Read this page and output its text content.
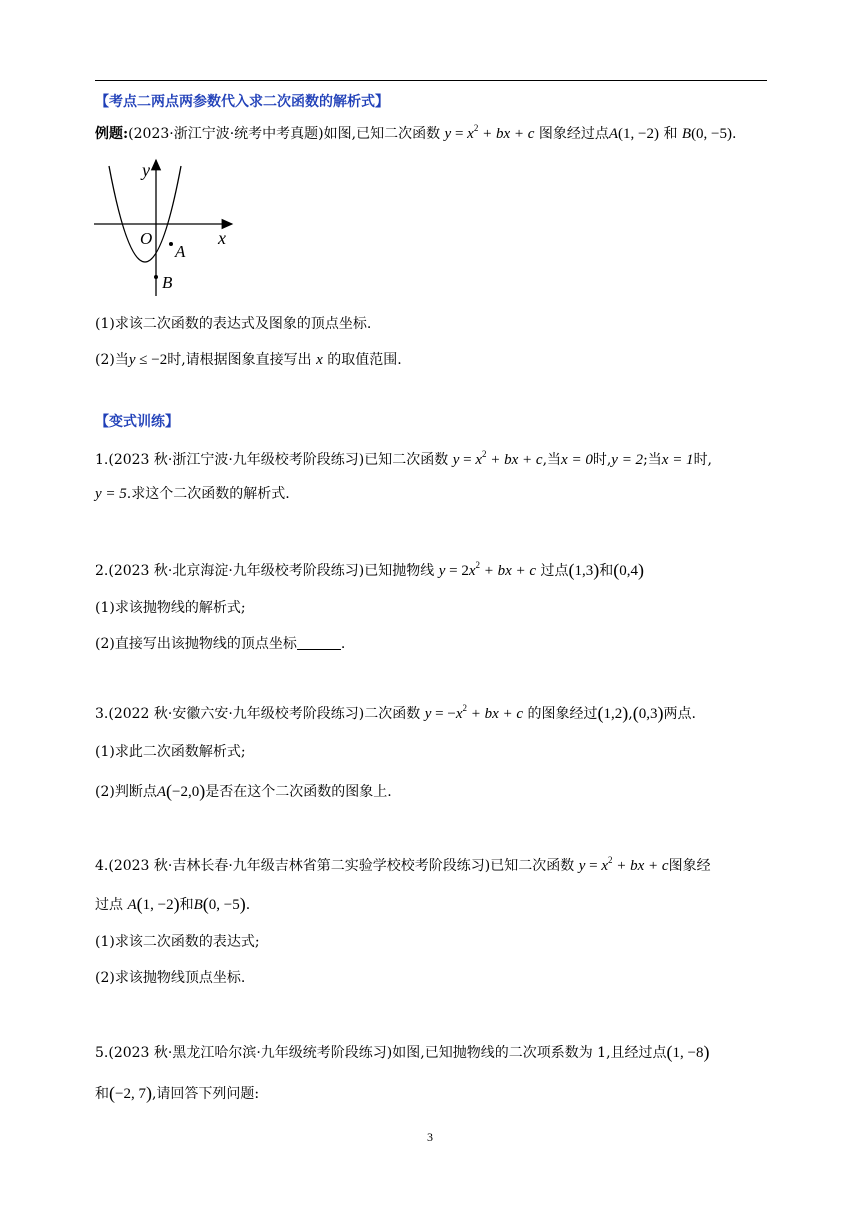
【考点二两点两参数代入求二次函数的解析式】
例题:(2023·浙江宁波·统考中考真题)如图,已知二次函数 $y = x^2$ + bx + c 图象经过点A(1, −2) 和 B(0, −5).
y
x
O
A
B
(1)求该二次函数的表达式及图象的顶点坐标.
(2)当y ≤ −2时,请根据图象直接写出 x 的取值范围.
【变式训练】
1.(2023 秋·浙江宁波·九年级校考阶段练习)已知二次函数 $y = x^2$ + bx + c,当x = 0时,y = 2;当x = 1时,
y = 5.求这个二次函数的解析式.
2.(2023 秋·北京海淀·九年级校考阶段练习)已知抛物线 $y = 2x^2$ + bx + c 过点(1,3)和(0,4)
(1)求该抛物线的解析式;
(2)直接写出该抛物线的顶点坐标	.
3.(2022 秋·安徽六安·九年级校考阶段练习)二次函数 $y = -x^2$ + bx + c 的图象经过(1,2),(0,3)两点.
(1)求此二次函数解析式;
(2)判断点A(−2,0)是否在这个二次函数的图象上.
4.(2023 秋·吉林长春·九年级吉林省第二实验学校校考阶段练习)已知二次函数 $y = x^2$ + bx + c图象经
过点 A(1, −2)和B(0, −5).
(1)求该二次函数的表达式;
(2)求该抛物线顶点坐标.
5.(2023 秋·黑龙江哈尔滨·九年级统考阶段练习)如图,已知抛物线的二次项系数为 1,且经过点(1, −8)
和(−2, 7),请回答下列问题:
3
